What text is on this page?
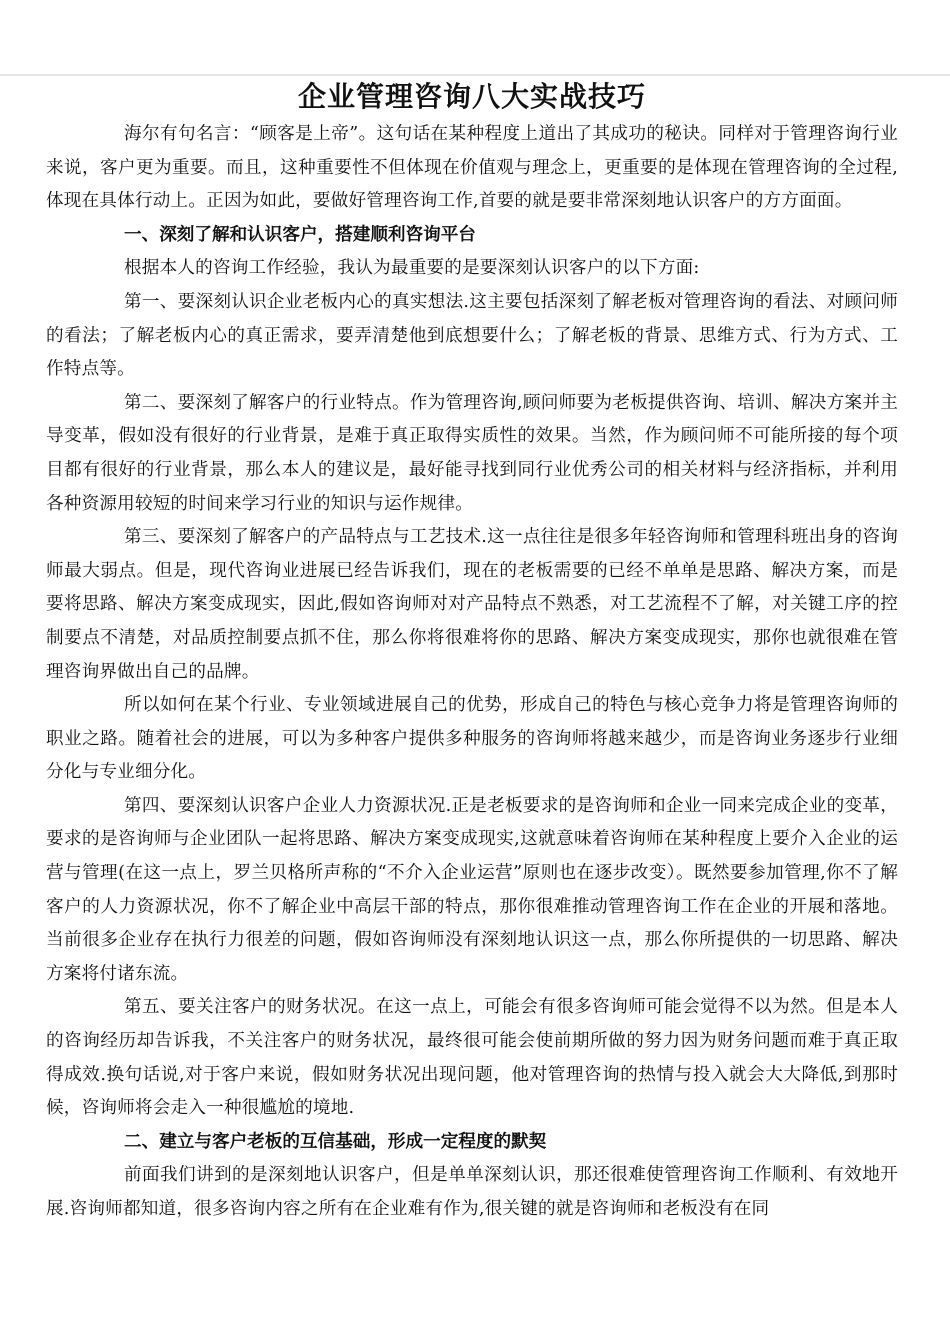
企业管理咨询八大实战技巧

海尔有句名言：“顾客是上帝”。这句话在某种程度上道出了其成功的秘诀。同样对于管理咨询行业来说，客户更为重要。而且，这种重要性不但体现在价值观与理念上，更重要的是体现在管理咨询的全过程,体现在具体行动上。正因为如此，要做好管理咨询工作,首要的就是要非常深刻地认识客户的方方面面。

一、深刻了解和认识客户，搭建顺利咨询平台

根据本人的咨询工作经验，我认为最重要的是要深刻认识客户的以下方面:

第一、要深刻认识企业老板内心的真实想法.这主要包括深刻了解老板对管理咨询的看法、对顾问师的看法；了解老板内心的真正需求，要弄清楚他到底想要什么；了解老板的背景、思维方式、行为方式、工作特点等。

第二、要深刻了解客户的行业特点。作为管理咨询,顾问师要为老板提供咨询、培训、解决方案并主导变革，假如没有很好的行业背景，是难于真正取得实质性的效果。当然，作为顾问师不可能所接的每个项目都有很好的行业背景，那么本人的建议是，最好能寻找到同行业优秀公司的相关材料与经济指标，并利用各种资源用较短的时间来学习行业的知识与运作规律。

第三、要深刻了解客户的产品特点与工艺技术.这一点往往是很多年轻咨询师和管理科班出身的咨询师最大弱点。但是，现代咨询业进展已经告诉我们，现在的老板需要的已经不单单是思路、解决方案，而是要将思路、解决方案变成现实，因此,假如咨询师对对产品特点不熟悉，对工艺流程不了解，对关键工序的控制要点不清楚，对品质控制要点抓不住，那么你将很难将你的思路、解决方案变成现实，那你也就很难在管理咨询界做出自己的品牌。

所以如何在某个行业、专业领域进展自己的优势，形成自己的特色与核心竞争力将是管理咨询师的职业之路。随着社会的进展，可以为多种客户提供多种服务的咨询师将越来越少，而是咨询业务逐步行业细分化与专业细分化。

第四、要深刻认识客户企业人力资源状况.正是老板要求的是咨询师和企业一同来完成企业的变革，要求的是咨询师与企业团队一起将思路、解决方案变成现实,这就意味着咨询师在某种程度上要介入企业的运营与管理(在这一点上，罗兰贝格所声称的“不介入企业运营”原则也在逐步改变）。既然要参加管理,你不了解客户的人力资源状况，你不了解企业中高层干部的特点，那你很难推动管理咨询工作在企业的开展和落地。当前很多企业存在执行力很差的问题，假如咨询师没有深刻地认识这一点，那么你所提供的一切思路、解决方案将付诸东流。

第五、要关注客户的财务状况。在这一点上，可能会有很多咨询师可能会觉得不以为然。但是本人的咨询经历却告诉我，不关注客户的财务状况，最终很可能会使前期所做的努力因为财务问题而难于真正取得成效.换句话说,对于客户来说，假如财务状况出现问题，他对管理咨询的热情与投入就会大大降低,到那时候，咨询师将会走入一种很尴尬的境地.

二、建立与客户老板的互信基础，形成一定程度的默契

前面我们讲到的是深刻地认识客户，但是单单深刻认识，那还很难使管理咨询工作顺利、有效地开展.咨询师都知道，很多咨询内容之所有在企业难有作为,很关键的就是咨询师和老板没有在同
